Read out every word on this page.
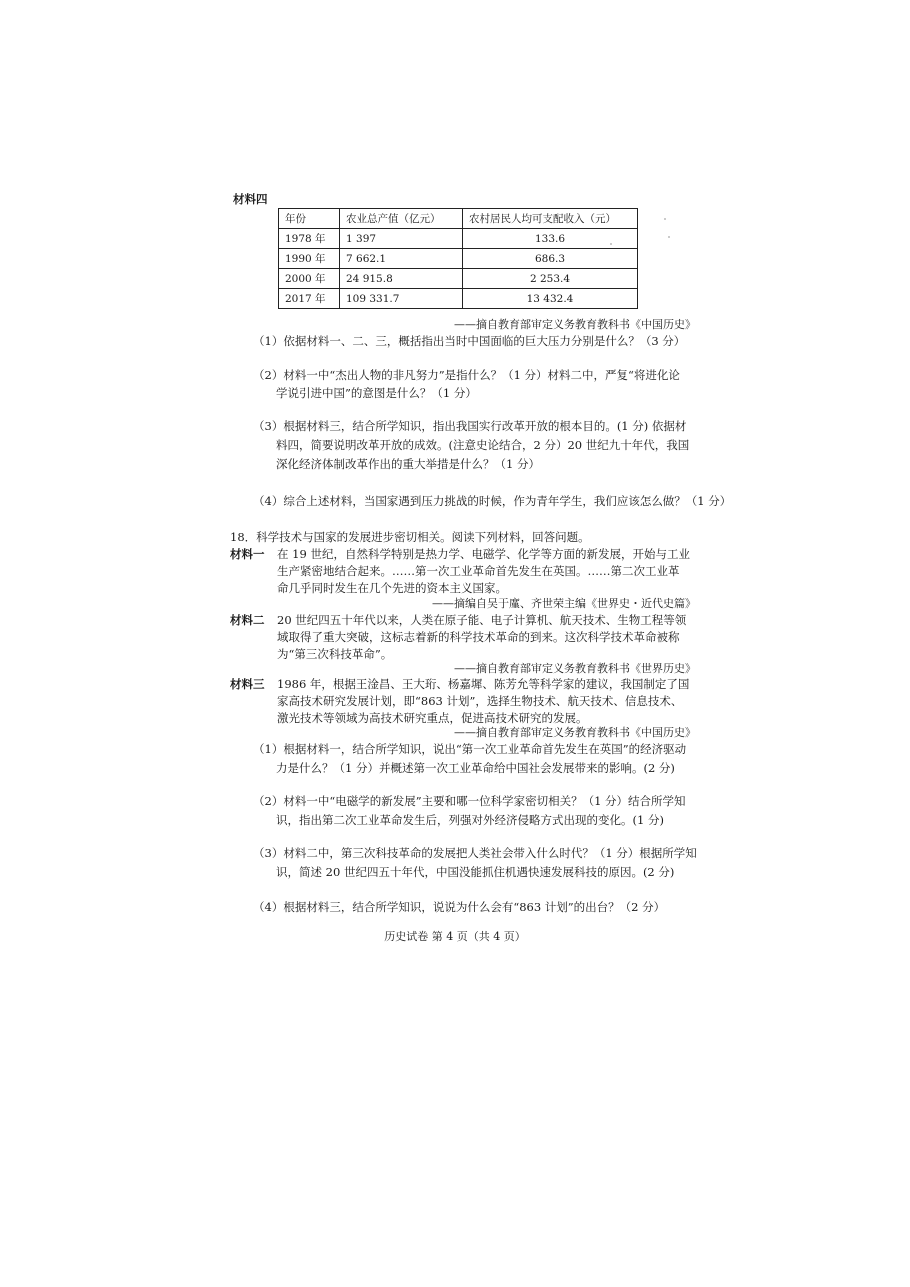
材料四
年份	农业总产值（亿元）	农村居民人均可支配收入（元）
1978 年	1 397	133.6
1990 年	7 662.1	686.3
2000 年	24 915.8	2 253.4
2017 年	109 331.7	13 432.4
——摘自教育部审定义务教育教科书《中国历史》
（1）依据材料一、二、三，概括指出当时中国面临的巨大压力分别是什么？（3 分）
（2）材料一中“杰出人物的非凡努力”是指什么？（1 分）材料二中，严复“将进化论
学说引进中国”的意图是什么？（1 分）
（3）根据材料三，结合所学知识，指出我国实行改革开放的根本目的。(1 分) 依据材
料四，简要说明改革开放的成效。(注意史论结合，2 分）20 世纪九十年代，我国
深化经济体制改革作出的重大举措是什么？（1 分）
（4）综合上述材料，当国家遇到压力挑战的时候，作为青年学生，我们应该怎么做？（1 分）
18．科学技术与国家的发展进步密切相关。阅读下列材料，回答问题。
材料一 在 19 世纪，自然科学特别是热力学、电磁学、化学等方面的新发展，开始与工业
生产紧密地结合起来。……第一次工业革命首先发生在英国。……第二次工业革
命几乎同时发生在几个先进的资本主义国家。
——摘编自吴于廑、齐世荣主编《世界史・近代史篇》
材料二 20 世纪四五十年代以来，人类在原子能、电子计算机、航天技术、生物工程等领
域取得了重大突破，这标志着新的科学技术革命的到来。这次科学技术革命被称
为“第三次科技革命”。
——摘自教育部审定义务教育教科书《世界历史》
材料三 1986 年，根据王淦昌、王大珩、杨嘉墀、陈芳允等科学家的建议，我国制定了国
家高技术研究发展计划，即“863 计划”，选择生物技术、航天技术、信息技术、
激光技术等领域为高技术研究重点，促进高技术研究的发展。
——摘自教育部审定义务教育教科书《中国历史》
（1）根据材料一，结合所学知识，说出“第一次工业革命首先发生在英国”的经济驱动
力是什么？（1 分）并概述第一次工业革命给中国社会发展带来的影响。(2 分)
（2）材料一中“电磁学的新发展”主要和哪一位科学家密切相关？（1 分）结合所学知
识，指出第二次工业革命发生后，列强对外经济侵略方式出现的变化。(1 分)
（3）材料二中，第三次科技革命的发展把人类社会带入什么时代？（1 分）根据所学知
识，简述 20 世纪四五十年代，中国没能抓住机遇快速发展科技的原因。(2 分)
（4）根据材料三，结合所学知识，说说为什么会有“863 计划”的出台？（2 分）
历史试卷 第 4 页（共 4 页）
